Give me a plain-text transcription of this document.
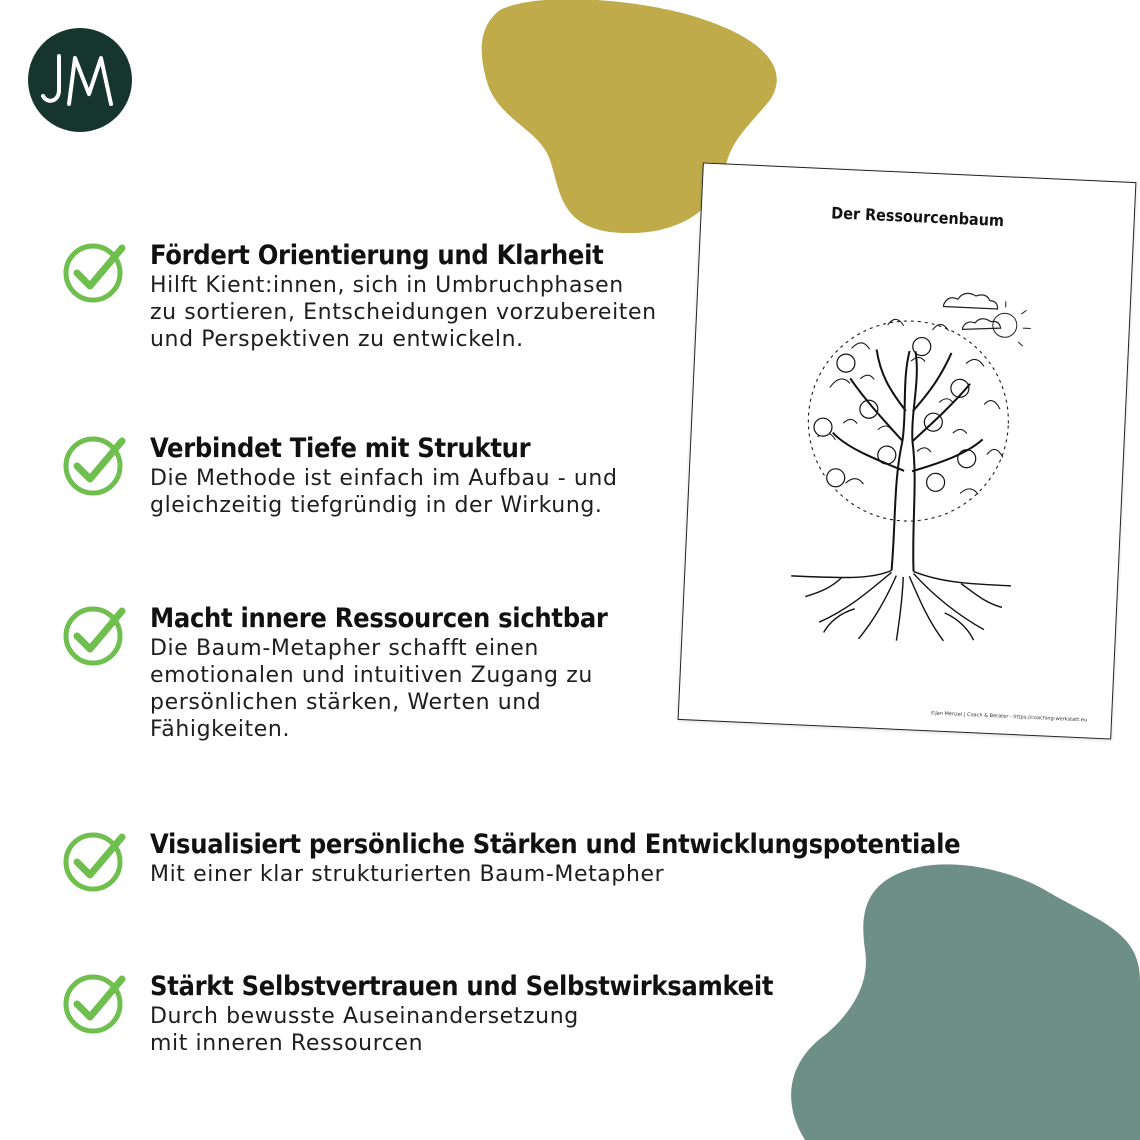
Fördert Orientierung und Klarheit
Hilft Kient:innen, sich in Umbruchphasen
zu sortieren, Entscheidungen vorzubereiten
und Perspektiven zu entwickeln.
Verbindet Tiefe mit Struktur
Die Methode ist einfach im Aufbau - und
gleichzeitig tiefgründig in der Wirkung.
Macht innere Ressourcen sichtbar
Die Baum-Metapher schafft einen
emotionalen und intuitiven Zugang zu
persönlichen stärken, Werten und
Fähigkeiten.
Visualisiert persönliche Stärken und Entwicklungspotentiale
Mit einer klar strukturierten Baum-Metapher
Stärkt Selbstvertrauen und Selbstwirksamkeit
Durch bewusste Auseinandersetzung
mit inneren Ressourcen
Der Ressourcenbaum
©Jan Menzel | Coach & Berater - https://coaching-werkstatt.eu
